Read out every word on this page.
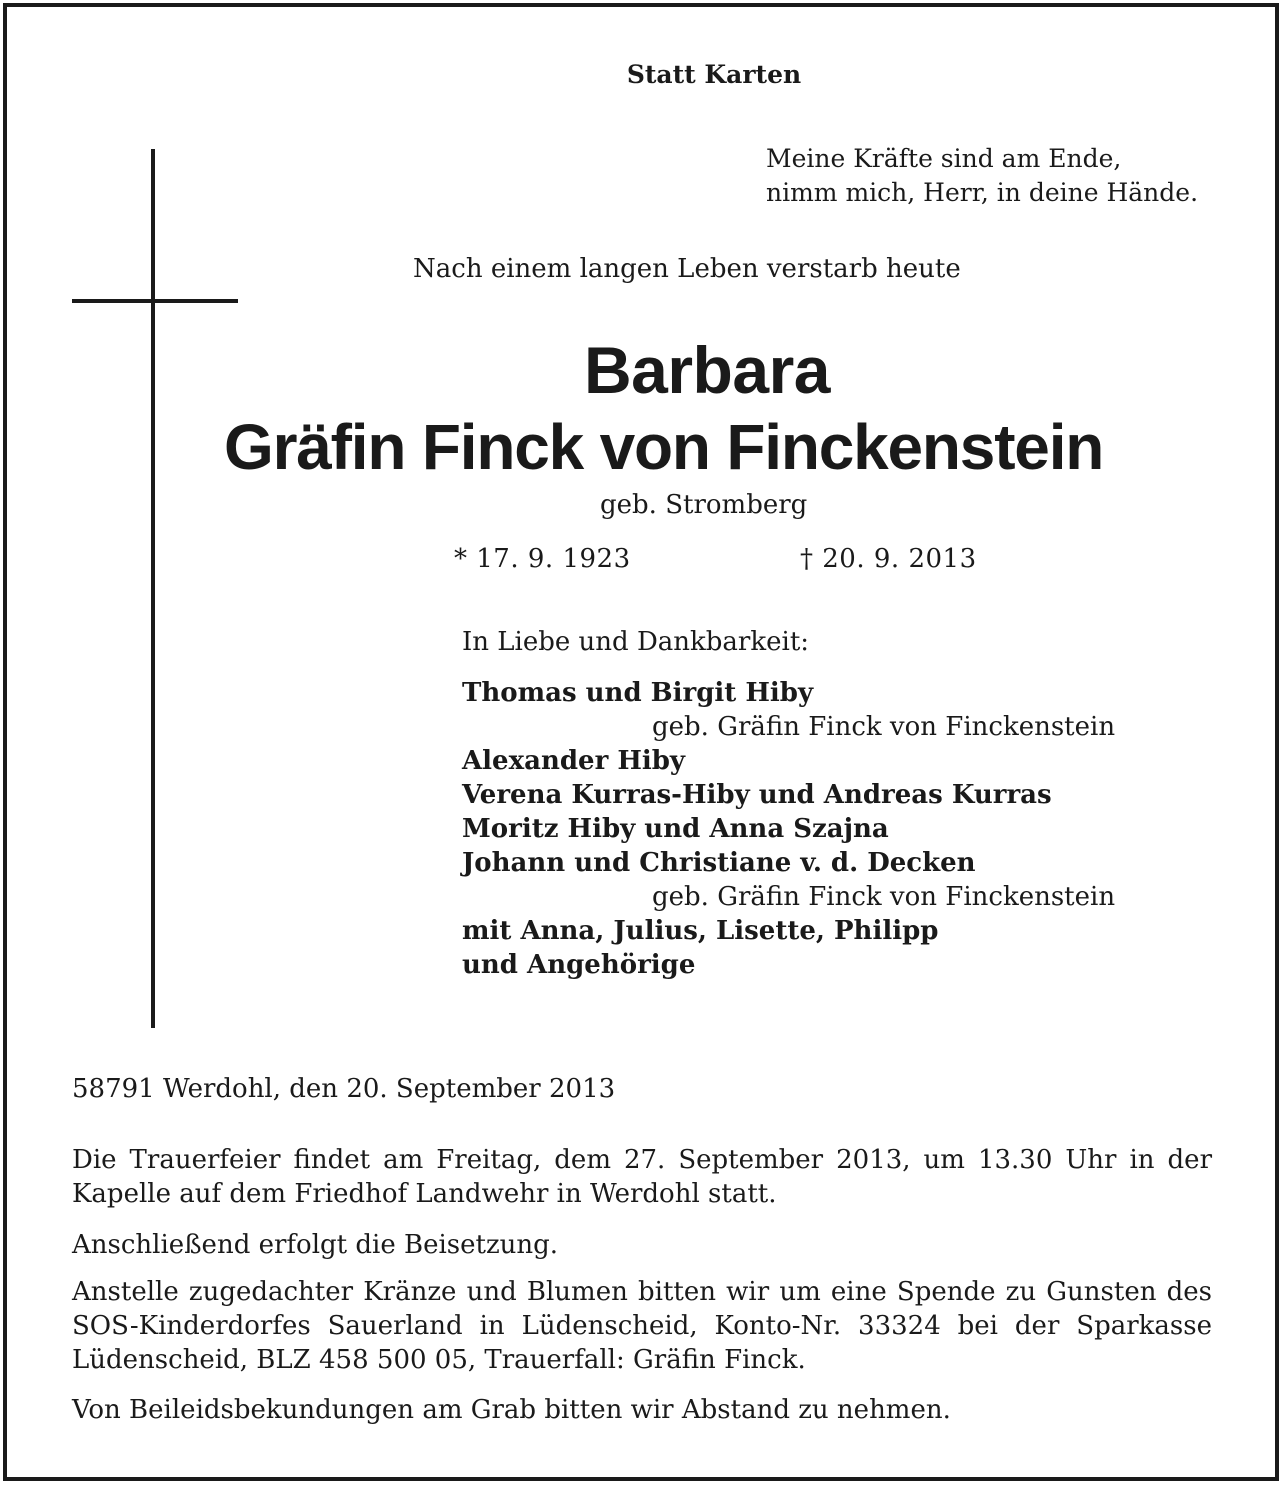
Statt Karten
Meine Kräfte sind am Ende,
nimm mich, Herr, in deine Hände.
Nach einem langen Leben verstarb heute
Barbara
Gräfin Finck von Finckenstein
geb. Stromberg
* 17. 9. 1923	† 20. 9. 2013
In Liebe und Dankbarkeit:
Thomas und Birgit Hiby
geb. Gräfin Finck von Finckenstein
Alexander Hiby
Verena Kurras-Hiby und Andreas Kurras
Moritz Hiby und Anna Szajna
Johann und Christiane v. d. Decken
geb. Gräfin Finck von Finckenstein
mit Anna, Julius, Lisette, Philipp
und Angehörige
58791 Werdohl, den 20. September 2013
Die Trauerfeier findet am Freitag, dem 27. September 2013, um 13.30 Uhr in der Kapelle auf dem Friedhof Landwehr in Werdohl statt.
Anschließend erfolgt die Beisetzung.
Anstelle zugedachter Kränze und Blumen bitten wir um eine Spende zu Gunsten des SOS-Kinderdorfes Sauerland in Lüdenscheid, Konto-Nr. 33324 bei der Sparkasse Lüdenscheid, BLZ 458 500 05, Trauerfall: Gräfin Finck.
Von Beileidsbekundungen am Grab bitten wir Abstand zu nehmen.
